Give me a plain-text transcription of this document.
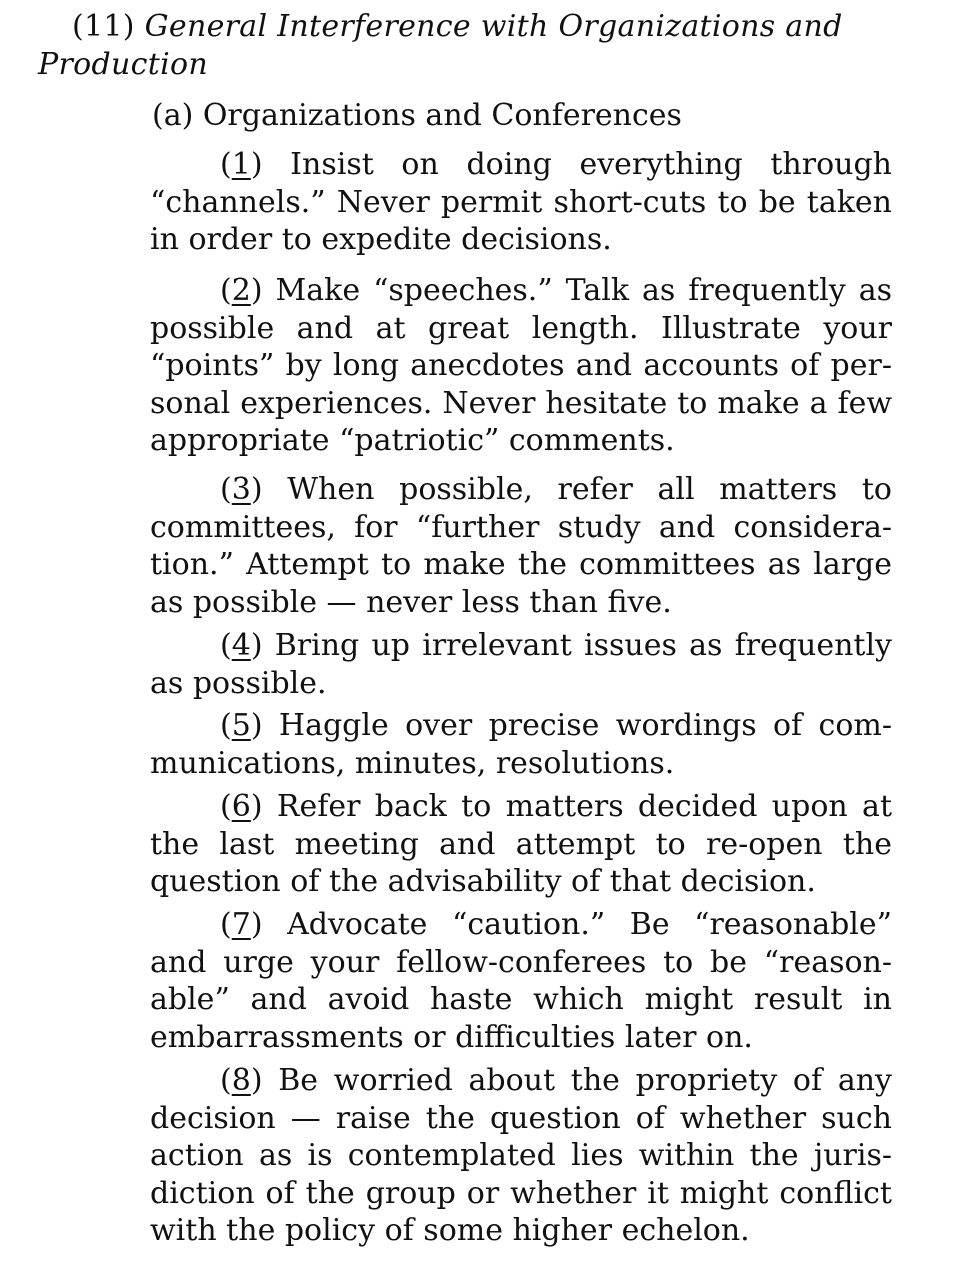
(11) General Interference with Organizations and Production
(a) Organizations and Conferences

(1) Insist on doing everything through “channels.” Never permit short-cuts to be taken in order to expedite decisions.

(2) Make “speeches.” Talk as frequently as possible and at great length. Illustrate your “points” by long anecdotes and accounts of per- sonal experiences. Never hesitate to make a few appropriate “patriotic” comments.

(3) When possible, refer all matters to committees, for “further study and considera- tion.” Attempt to make the committees as large as possible — never less than five.

(4) Bring up irrelevant issues as frequently as possible.

(5) Haggle over precise wordings of com- munications, minutes, resolutions.

(6) Refer back to matters decided upon at the last meeting and attempt to re-open the question of the advisability of that decision.

(7) Advocate “caution.” Be “reasonable” and urge your fellow-conferees to be “reason- able” and avoid haste which might result in embarrassments or difficulties later on.

(8) Be worried about the propriety of any decision — raise the question of whether such action as is contemplated lies within the juris- diction of the group or whether it might conflict with the policy of some higher echelon.
